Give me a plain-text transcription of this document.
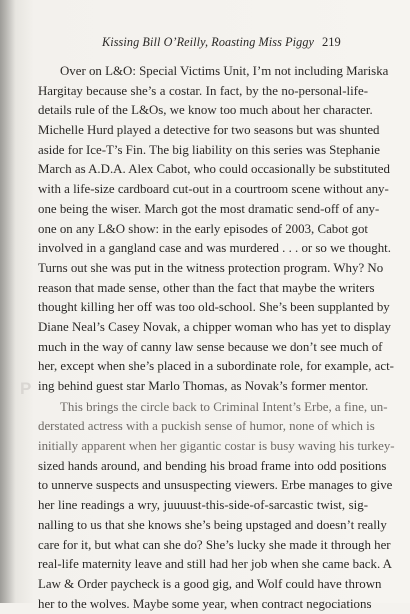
Kissing Bill O’Reilly, Roasting Miss Piggy 219
P
Over on L&O: Special Victims Unit, I’m not including Mariska
Hargitay because she’s a costar. In fact, by the no-personal-life-
details rule of the L&Os, we know too much about her character.
Michelle Hurd played a detective for two seasons but was shunted
aside for Ice-T’s Fin. The big liability on this series was Stephanie
March as A.D.A. Alex Cabot, who could occasionally be substituted
with a life-size cardboard cut-out in a courtroom scene without any-
one being the wiser. March got the most dramatic send-off of any-
one on any L&O show: in the early episodes of 2003, Cabot got
involved in a gangland case and was murdered . . . or so we thought.
Turns out she was put in the witness protection program. Why? No
reason that made sense, other than the fact that maybe the writers
thought killing her off was too old-school. She’s been supplanted by
Diane Neal’s Casey Novak, a chipper woman who has yet to display
much in the way of canny law sense because we don’t see much of
her, except when she’s placed in a subordinate role, for example, act-
ing behind guest star Marlo Thomas, as Novak’s former mentor.
This brings the circle back to Criminal Intent’s Erbe, a fine, un-
derstated actress with a puckish sense of humor, none of which is
initially apparent when her gigantic costar is busy waving his turkey-
sized hands around, and bending his broad frame into odd positions
to unnerve suspects and unsuspecting viewers. Erbe manages to give
her line readings a wry, juuuust-this-side-of-sarcastic twist, sig-
nalling to us that she knows she’s being upstaged and doesn’t really
care for it, but what can she do? She’s lucky she made it through her
real-life maternity leave and still had her job when she came back. A
Law & Order paycheck is a good gig, and Wolf could have thrown
her to the wolves. Maybe some year, when contract negociations
